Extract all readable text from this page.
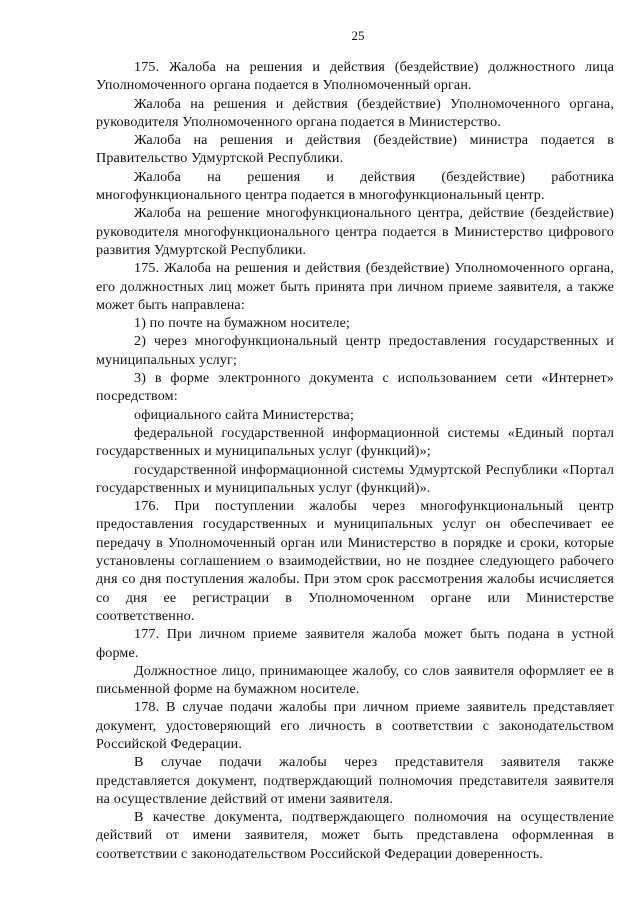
25

175. Жалоба на решения и действия (бездействие) должностного лица Уполномоченного органа подается в Уполномоченный орган.

Жалоба на решения и действия (бездействие) Уполномоченного органа, руководителя Уполномоченного органа подается в Министерство.

Жалоба на решения и действия (бездействие) министра подается в Правительство Удмуртской Республики.

Жалоба на решения и действия (бездействие) работника многофункционального центра подается в многофункциональный центр.

Жалоба на решение многофункционального центра, действие (бездействие) руководителя многофункционального центра подается в Министерство цифрового развития Удмуртской Республики.

175. Жалоба на решения и действия (бездействие) Уполномоченного органа, его должностных лиц может быть принята при личном приеме заявителя, а также может быть направлена:

1) по почте на бумажном носителе;

2) через многофункциональный центр предоставления государственных и муниципальных услуг;

3) в форме электронного документа с использованием сети «Интернет» посредством:

официального сайта Министерства;

федеральной государственной информационной системы «Единый портал государственных и муниципальных услуг (функций)»;

государственной информационной системы Удмуртской Республики «Портал государственных и муниципальных услуг (функций)».

176. При поступлении жалобы через многофункциональный центр предоставления государственных и муниципальных услуг он обеспечивает ее передачу в Уполномоченный орган или Министерство в порядке и сроки, которые установлены соглашением о взаимодействии, но не позднее следующего рабочего дня со дня поступления жалобы. При этом срок рассмотрения жалобы исчисляется со дня ее регистрации в Уполномоченном органе или Министерстве соответственно.

177. При личном приеме заявителя жалоба может быть подана в устной форме.

Должностное лицо, принимающее жалобу, со слов заявителя оформляет ее в письменной форме на бумажном носителе.

178. В случае подачи жалобы при личном приеме заявитель представляет документ, удостоверяющий его личность в соответствии с законодательством Российской Федерации.

В случае подачи жалобы через представителя заявителя также представляется документ, подтверждающий полномочия представителя заявителя на осуществление действий от имени заявителя.

В качестве документа, подтверждающего полномочия на осуществление действий от имени заявителя, может быть представлена оформленная в соответствии с законодательством Российской Федерации доверенность.
